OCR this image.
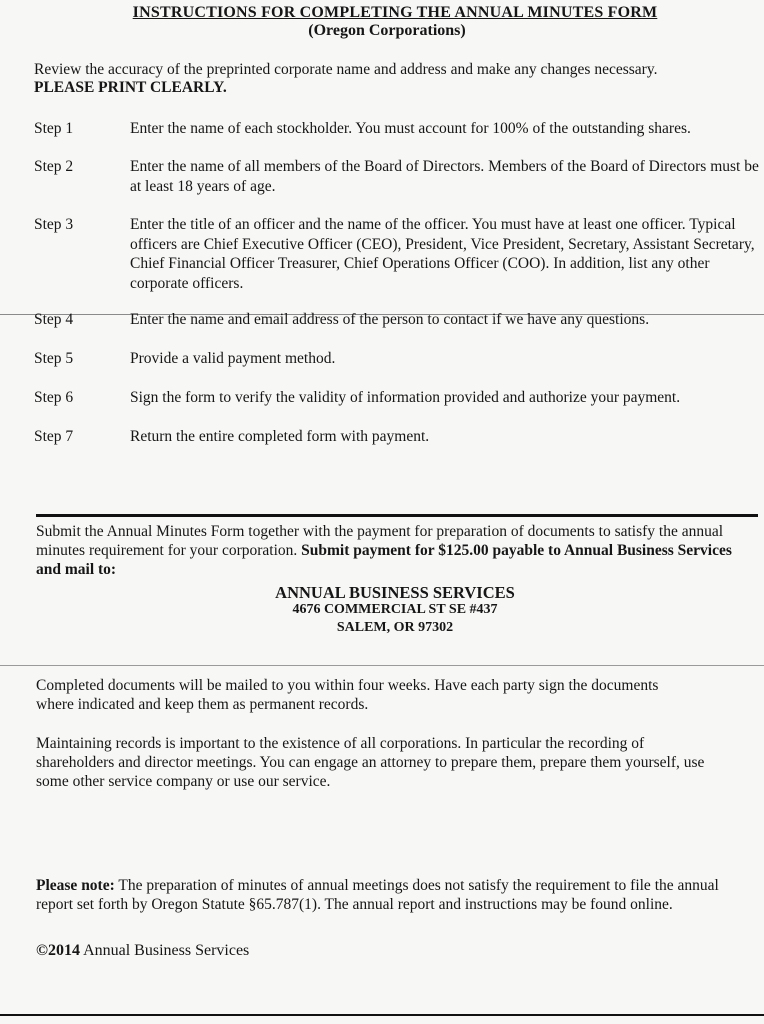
INSTRUCTIONS FOR COMPLETING THE ANNUAL MINUTES FORM
(Oregon Corporations)
Review the accuracy of the preprinted corporate name and address and make any changes necessary.
PLEASE PRINT CLEARLY.
Step 1	Enter the name of each stockholder. You must account for 100% of the outstanding shares.
Step 2	Enter the name of all members of the Board of Directors. Members of the Board of Directors must be at least 18 years of age.
Step 3	Enter the title of an officer and the name of the officer. You must have at least one officer. Typical officers are Chief Executive Officer (CEO), President, Vice President, Secretary, Assistant Secretary, Chief Financial Officer Treasurer, Chief Operations Officer (COO). In addition, list any other corporate officers.
Step 4	Enter the name and email address of the person to contact if we have any questions.
Step 5	Provide a valid payment method.
Step 6	Sign the form to verify the validity of information provided and authorize your payment.
Step 7	Return the entire completed form with payment.
Submit the Annual Minutes Form together with the payment for preparation of documents to satisfy the annual minutes requirement for your corporation. Submit payment for $125.00 payable to Annual Business Services and mail to:
ANNUAL BUSINESS SERVICES
4676 COMMERCIAL ST SE #437
SALEM, OR 97302
Completed documents will be mailed to you within four weeks. Have each party sign the documents where indicated and keep them as permanent records.
Maintaining records is important to the existence of all corporations. In particular the recording of shareholders and director meetings. You can engage an attorney to prepare them, prepare them yourself, use some other service company or use our service.
Please note: The preparation of minutes of annual meetings does not satisfy the requirement to file the annual report set forth by Oregon Statute §65.787(1). The annual report and instructions may be found online.
©2014 Annual Business Services
